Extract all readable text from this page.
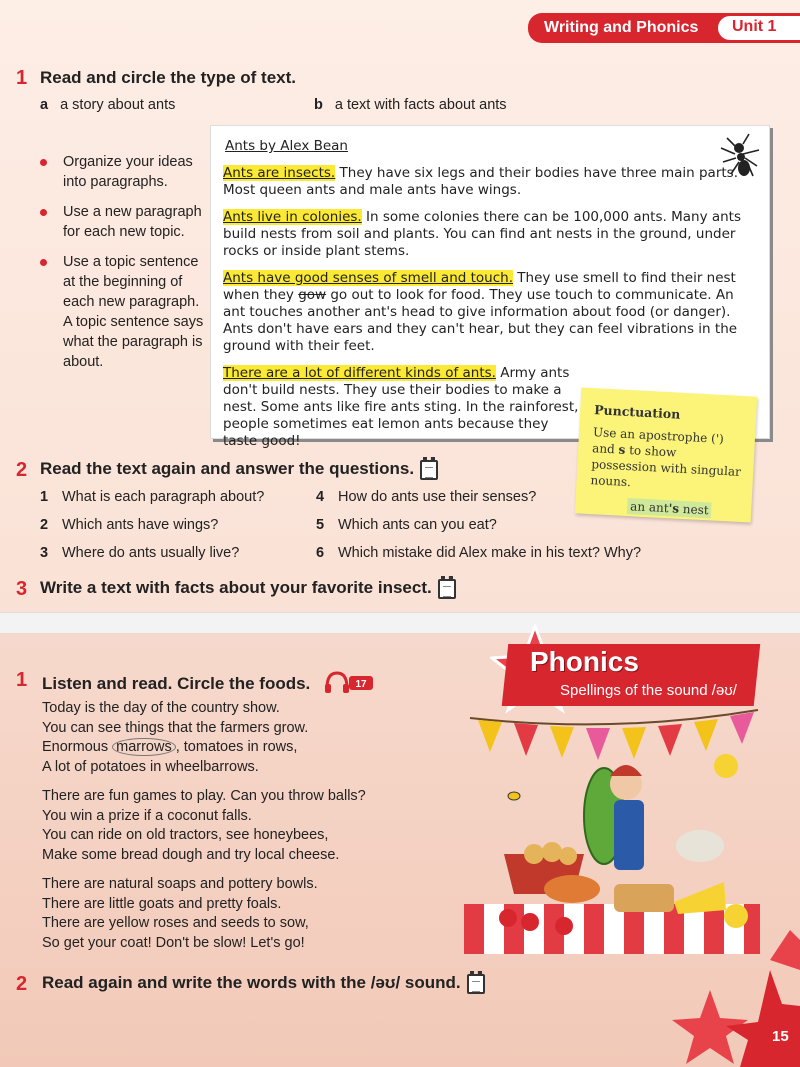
Writing and Phonics	Unit 1
1 Read and circle the type of text.
a a story about ants	b a text with facts about ants
Organize your ideas into paragraphs.
Use a new paragraph for each new topic.
Use a topic sentence at the beginning of each new paragraph. A topic sentence says what the paragraph is about.
Ants by Alex Bean

Ants are insects. They have six legs and their bodies have three main parts. Most queen ants and male ants have wings.

Ants live in colonies. In some colonies there can be 100,000 ants. Many ants build nests from soil and plants. You can find ant nests in the ground, under rocks or inside plant stems.

Ants have good senses of smell and touch. They use smell to find their nest when they gow go out to look for food. They use touch to communicate. An ant touches another ant's head to give information about food (or danger). Ants don't have ears and they can't hear, but they can feel vibrations in the ground with their feet.

There are a lot of different kinds of ants. Army ants don't build nests. They use their bodies to make a nest. Some ants like fire ants sting. In the rainforest, people sometimes eat lemon ants because they taste good!

Punctuation
Use an apostrophe (') and s to show possession with singular nouns.
an ant's nest
2 Read the text again and answer the questions.
1 What is each paragraph about?
2 Which ants have wings?
3 Where do ants usually live?
4 How do ants use their senses?
5 Which ants can you eat?
6 Which mistake did Alex make in his text? Why?
3 Write a text with facts about your favorite insect.
Phonics
Spellings of the sound /əʊ/
1 Listen and read. Circle the foods.	17
Today is the day of the country show.
You can see things that the farmers grow.
Enormous marrows , tomatoes in rows,
A lot of potatoes in wheelbarrows.
There are fun games to play. Can you throw balls?
You win a prize if a coconut falls.
You can ride on old tractors, see honeybees,
Make some bread dough and try local cheese.
There are natural soaps and pottery bowls.
There are little goats and pretty foals.
There are yellow roses and seeds to sow,
So get your coat! Don't be slow! Let's go!
2 Read again and write the words with the /əʊ/ sound.
15
